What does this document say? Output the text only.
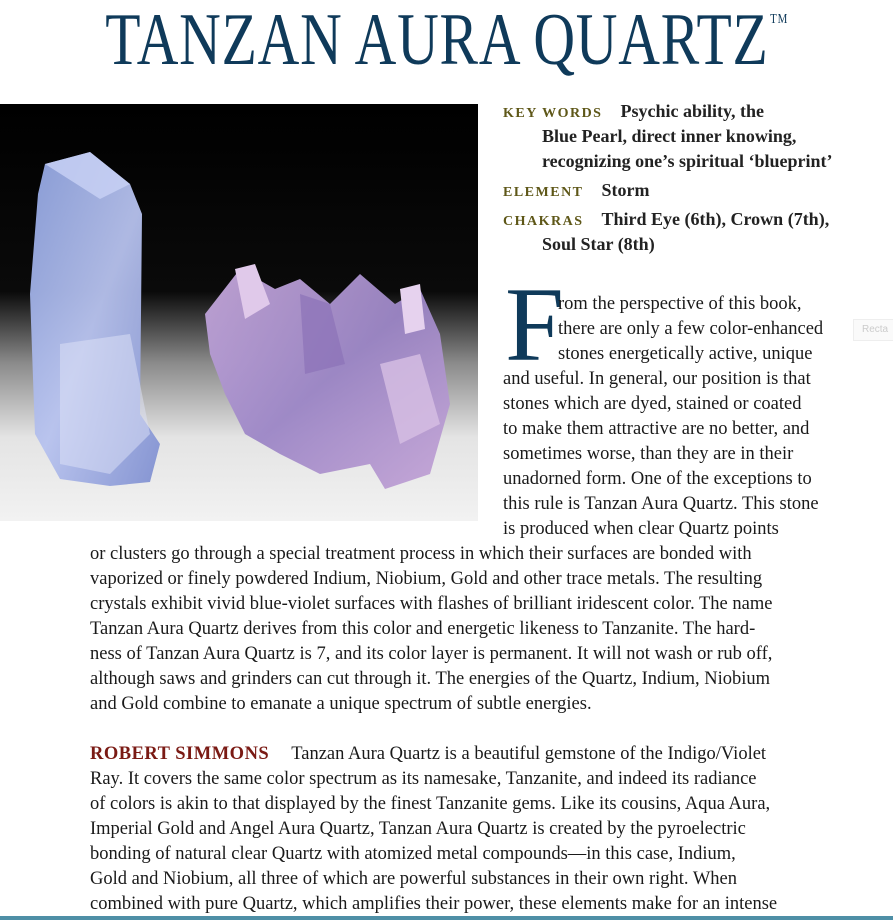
TANZAN AURA QUARTZ ™
KEY WORDS Psychic ability, the
Blue Pearl, direct inner knowing,
recognizing one’s spiritual ‘blueprint’
ELEMENT Storm
CHAKRAS Third Eye (6th), Crown (7th),
Soul Star (8th)
F	Recta
rom the perspective of this book,
there are only a few color-enhanced
stones energetically active, unique
and useful. In general, our position is that
stones which are dyed, stained or coated
to make them attractive are no better, and
sometimes worse, than they are in their
unadorned form. One of the exceptions to
this rule is Tanzan Aura Quartz. This stone
is produced when clear Quartz points
or clusters go through a special treatment process in which their surfaces are bonded with
vaporized or finely powdered Indium, Niobium, Gold and other trace metals. The resulting
crystals exhibit vivid blue-violet surfaces with flashes of brilliant iridescent color. The name
Tanzan Aura Quartz derives from this color and energetic likeness to Tanzanite. The hard-
ness of Tanzan Aura Quartz is 7, and its color layer is permanent. It will not wash or rub off,
although saws and grinders can cut through it. The energies of the Quartz, Indium, Niobium
and Gold combine to emanate a unique spectrum of subtle energies.
ROBERT SIMMONS Tanzan Aura Quartz is a beautiful gemstone of the Indigo/Violet
Ray. It covers the same color spectrum as its namesake, Tanzanite, and indeed its radiance
of colors is akin to that displayed by the finest Tanzanite gems. Like its cousins, Aqua Aura,
Imperial Gold and Angel Aura Quartz, Tanzan Aura Quartz is created by the pyroelectric
bonding of natural clear Quartz with atomized metal compounds—in this case, Indium,
Gold and Niobium, all three of which are powerful substances in their own right. When
combined with pure Quartz, which amplifies their power, these elements make for an intense
